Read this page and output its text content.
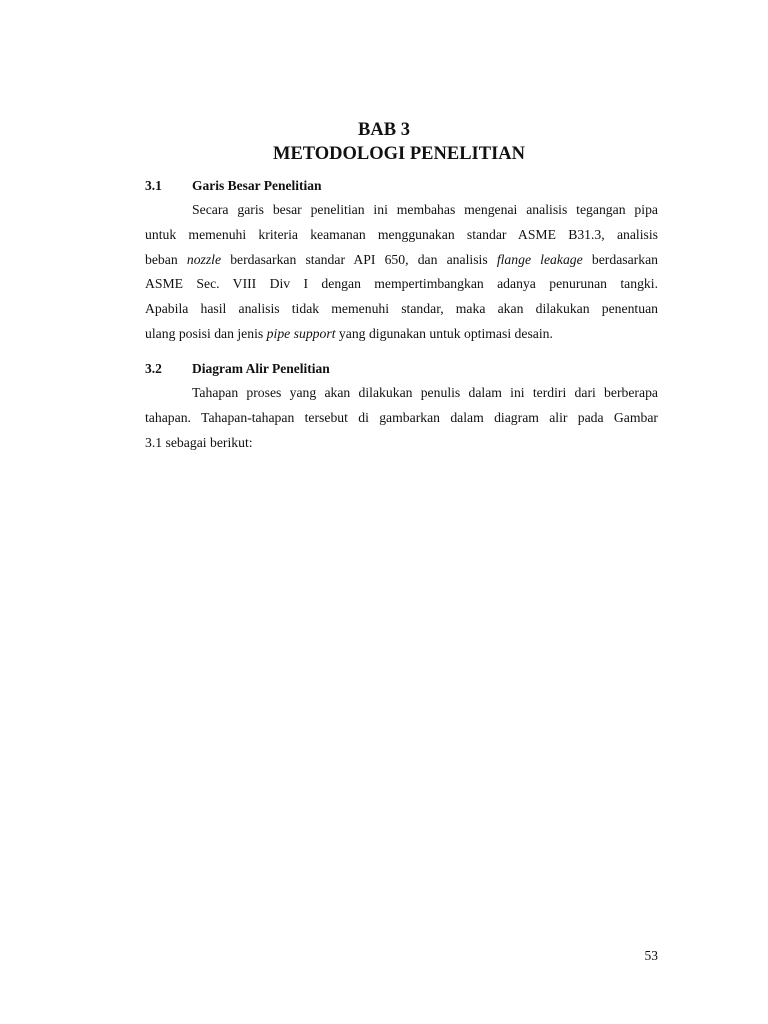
BAB 3
METODOLOGI PENELITIAN
3.1 Garis Besar Penelitian
Secara garis besar penelitian ini membahas mengenai analisis tegangan pipa
untuk memenuhi kriteria keamanan menggunakan standar ASME B31.3, analisis
beban nozzle berdasarkan standar API 650, dan analisis flange leakage berdasarkan
ASME Sec. VIII Div I dengan mempertimbangkan adanya penurunan tangki.
Apabila hasil analisis tidak memenuhi standar, maka akan dilakukan penentuan
ulang posisi dan jenis pipe support yang digunakan untuk optimasi desain.
3.2 Diagram Alir Penelitian
Tahapan proses yang akan dilakukan penulis dalam ini terdiri dari berberapa
tahapan. Tahapan-tahapan tersebut di gambarkan dalam diagram alir pada Gambar
3.1 sebagai berikut:
53
